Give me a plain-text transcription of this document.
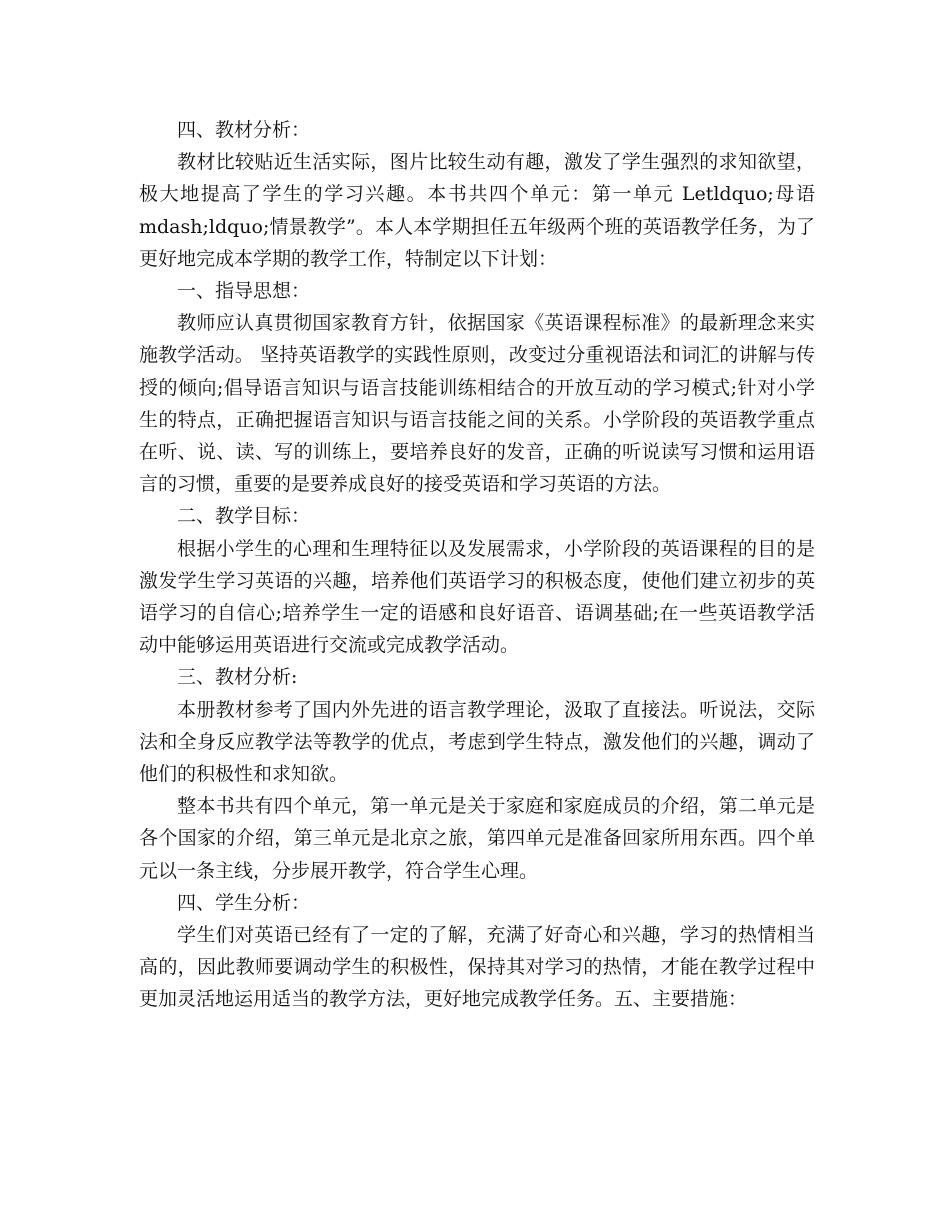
四、教材分析：

教材比较贴近生活实际，图片比较生动有趣，激发了学生强烈的求知欲望，极大地提高了学生的学习兴趣。本书共四个单元：第一单元 Letldquo;母语mdash;ldquo;情景教学”。本人本学期担任五年级两个班的英语教学任务，为了更好地完成本学期的教学工作，特制定以下计划：

一、指导思想：

教师应认真贯彻国家教育方针，依据国家《英语课程标准》的最新理念来实施教学活动。 坚持英语教学的实践性原则，改变过分重视语法和词汇的讲解与传授的倾向;倡导语言知识与语言技能训练相结合的开放互动的学习模式;针对小学生的特点，正确把握语言知识与语言技能之间的关系。小学阶段的英语教学重点在听、说、读、写的训练上，要培养良好的发音，正确的听说读写习惯和运用语言的习惯，重要的是要养成良好的接受英语和学习英语的方法。

二、教学目标：

根据小学生的心理和生理特征以及发展需求，小学阶段的英语课程的目的是激发学生学习英语的兴趣，培养他们英语学习的积极态度，使他们建立初步的英语学习的自信心;培养学生一定的语感和良好语音、语调基础;在一些英语教学活动中能够运用英语进行交流或完成教学活动。

三、教材分析:

本册教材参考了国内外先进的语言教学理论，汲取了直接法。听说法，交际法和全身反应教学法等教学的优点，考虑到学生特点，激发他们的兴趣，调动了他们的积极性和求知欲。

整本书共有四个单元，第一单元是关于家庭和家庭成员的介绍，第二单元是各个国家的介绍，第三单元是北京之旅，第四单元是准备回家所用东西。四个单元以一条主线，分步展开教学，符合学生心理。

四、学生分析：

学生们对英语已经有了一定的了解，充满了好奇心和兴趣，学习的热情相当高的，因此教师要调动学生的积极性，保持其对学习的热情，才能在教学过程中更加灵活地运用适当的教学方法，更好地完成教学任务。五、主要措施：
